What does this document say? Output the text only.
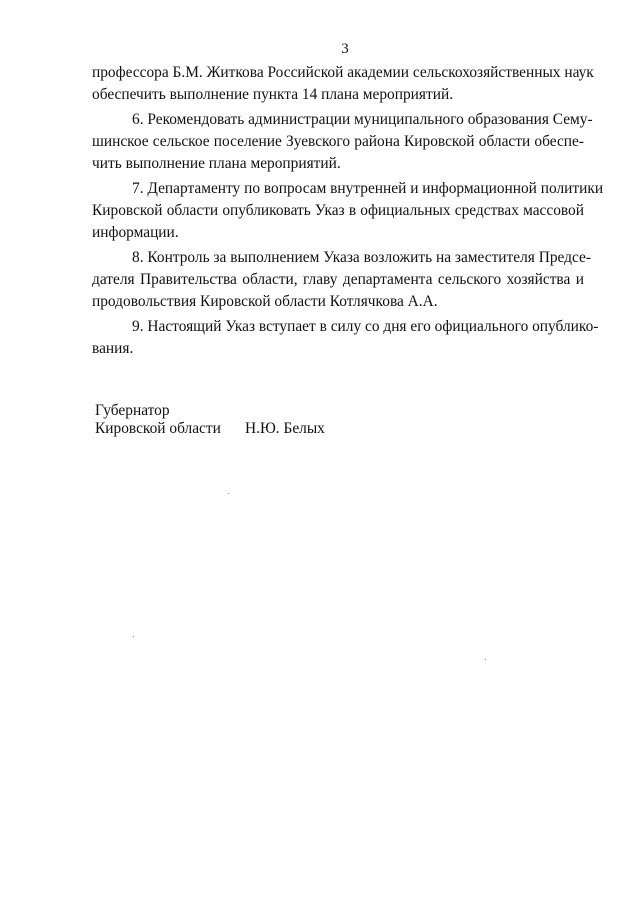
3
профессора Б.М. Житкова Российской академии сельскохозяйственных наук
обеспечить выполнение пункта 14 плана мероприятий.
6. Рекомендовать администрации муниципального образования Сему-
шинское сельское поселение Зуевского района Кировской области обеспе-
чить выполнение плана мероприятий.
7. Департаменту по вопросам внутренней и информационной политики
Кировской области опубликовать Указ в официальных средствах массовой
информации.
8. Контроль за выполнением Указа возложить на заместителя Предсе-
дателя Правительства области, главу департамента сельского хозяйства и
продовольствия Кировской области Котлячкова А.А.
9. Настоящий Указ вступает в силу со дня его официального опублико-
вания.
Губернатор
Кировской области Н.Ю. Белых
